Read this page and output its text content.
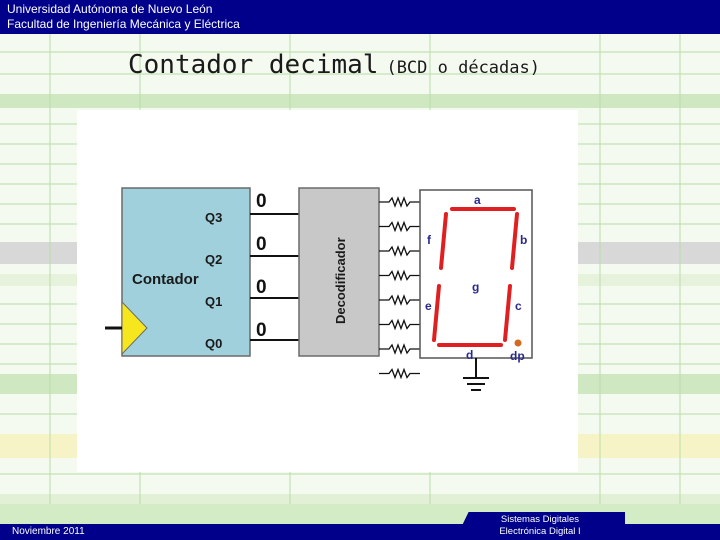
Universidad Autónoma de Nuevo León
Facultad de Ingeniería Mecánica y Eléctrica
Contador decimal (BCD o décadas)
Contador
Q3
Q2
Q1
Q0
0
0
0
0
Decodificador
a
b
c
d
e
f
g
dp
Noviembre 2011
Sistemas Digitales
Electrónica Digital I
